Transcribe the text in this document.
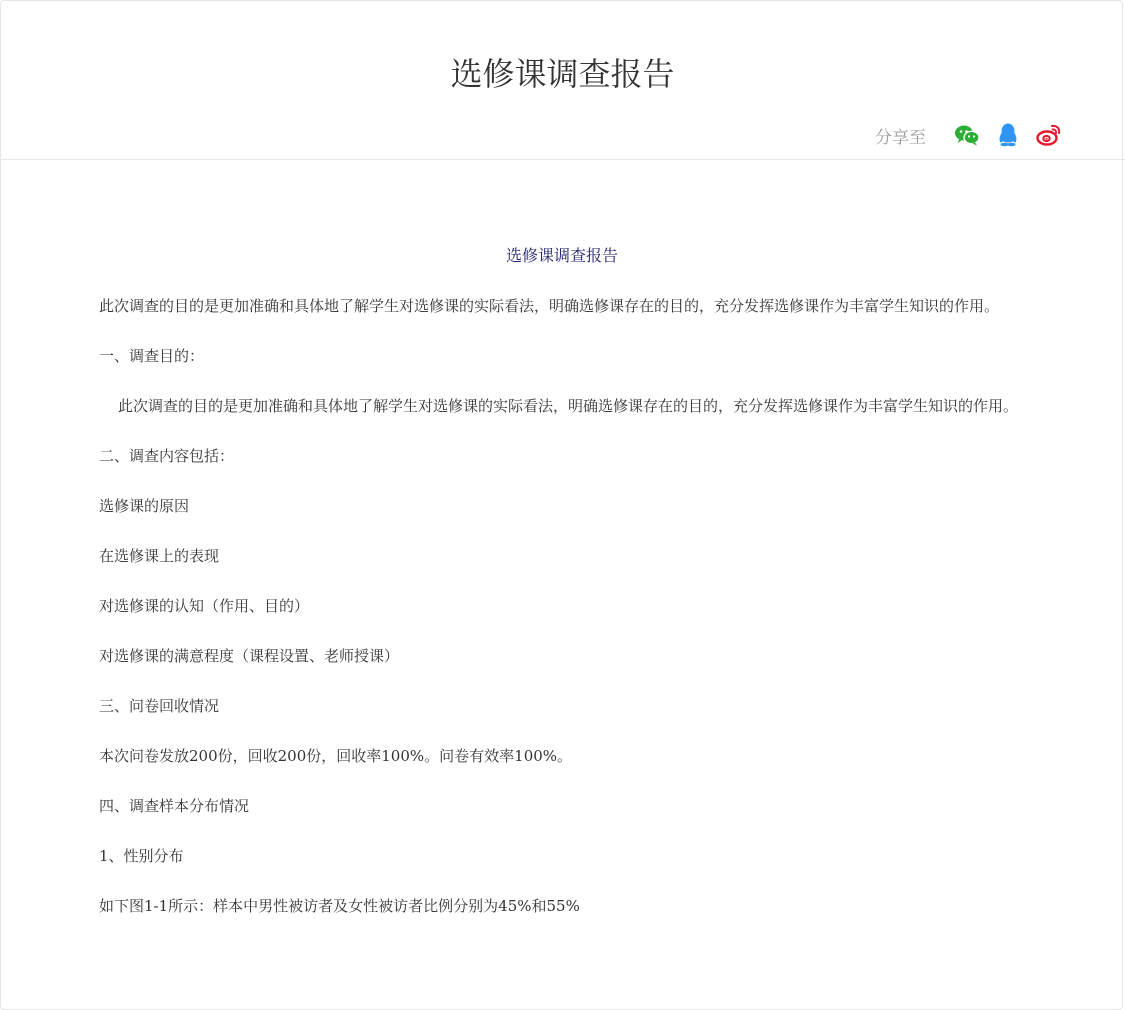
选修课调查报告
分享至
选修课调查报告

此次调查的目的是更加准确和具体地了解学生对选修课的实际看法，明确选修课存在的目的，充分发挥选修课作为丰富学生知识的作用。

一、调查目的：

此次调查的目的是更加准确和具体地了解学生对选修课的实际看法，明确选修课存在的目的，充分发挥选修课作为丰富学生知识的作用。

二、调查内容包括：

选修课的原因

在选修课上的表现

对选修课的认知（作用、目的）

对选修课的满意程度（课程设置、老师授课）

三、问卷回收情况

本次问卷发放200份，回收200份，回收率100%。问卷有效率100%。

四、调查样本分布情况

1、性别分布

如下图1-1所示：样本中男性被访者及女性被访者比例分别为45%和55%
